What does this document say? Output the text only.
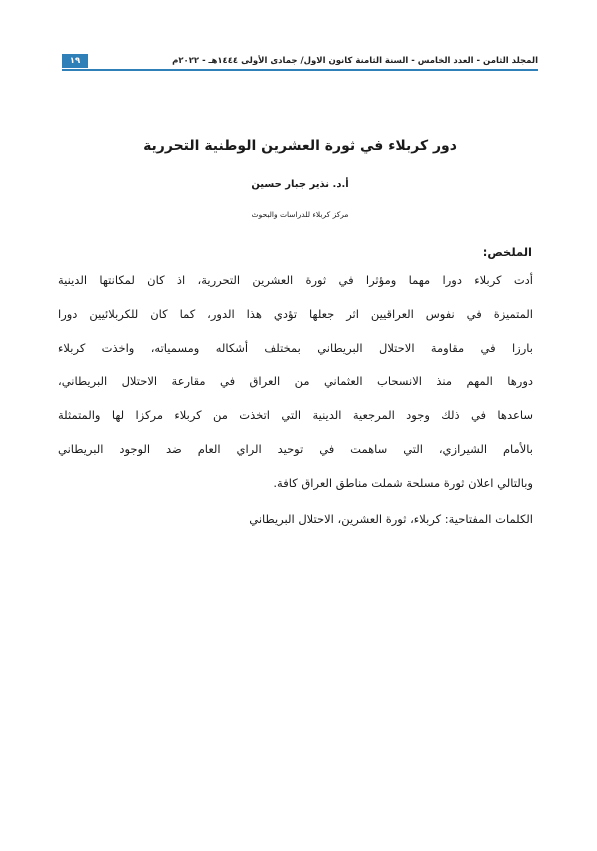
المجلد الثامن - العدد الخامس - السنة الثامنة كانون الاول/ جمادى الأولى ١٤٤٤هـ - ٢٠٢٢م
١٩
دور كربلاء في ثورة العشرين الوطنية التحررية
أ.د. نذير جبار حسين
مركز كربلاء للدراسات والبحوث
الملخص:
أدت كربلاء دورا مهما ومؤثرا في ثورة العشرين التحررية، اذ كان لمكانتها الدينية
المتميزة في نفوس العراقيين اثر جعلها تؤدي هذا الدور، كما كان للكربلائيين دورا
بارزا في مقاومة الاحتلال البريطاني بمختلف أشكاله ومسمياته، واخذت كربلاء
دورها المهم منذ الانسحاب العثماني من العراق في مقارعة الاحتلال البريطاني،
ساعدها في ذلك وجود المرجعية الدينية التي اتخذت من كربلاء مركزا لها والمتمثلة
بالأمام الشيرازي، التي ساهمت في توحيد الراي العام ضد الوجود البريطاني
وبالتالي اعلان ثورة مسلحة شملت مناطق العراق كافة.
الكلمات المفتاحية: كربلاء، ثورة العشرين، الاحتلال البريطاني
